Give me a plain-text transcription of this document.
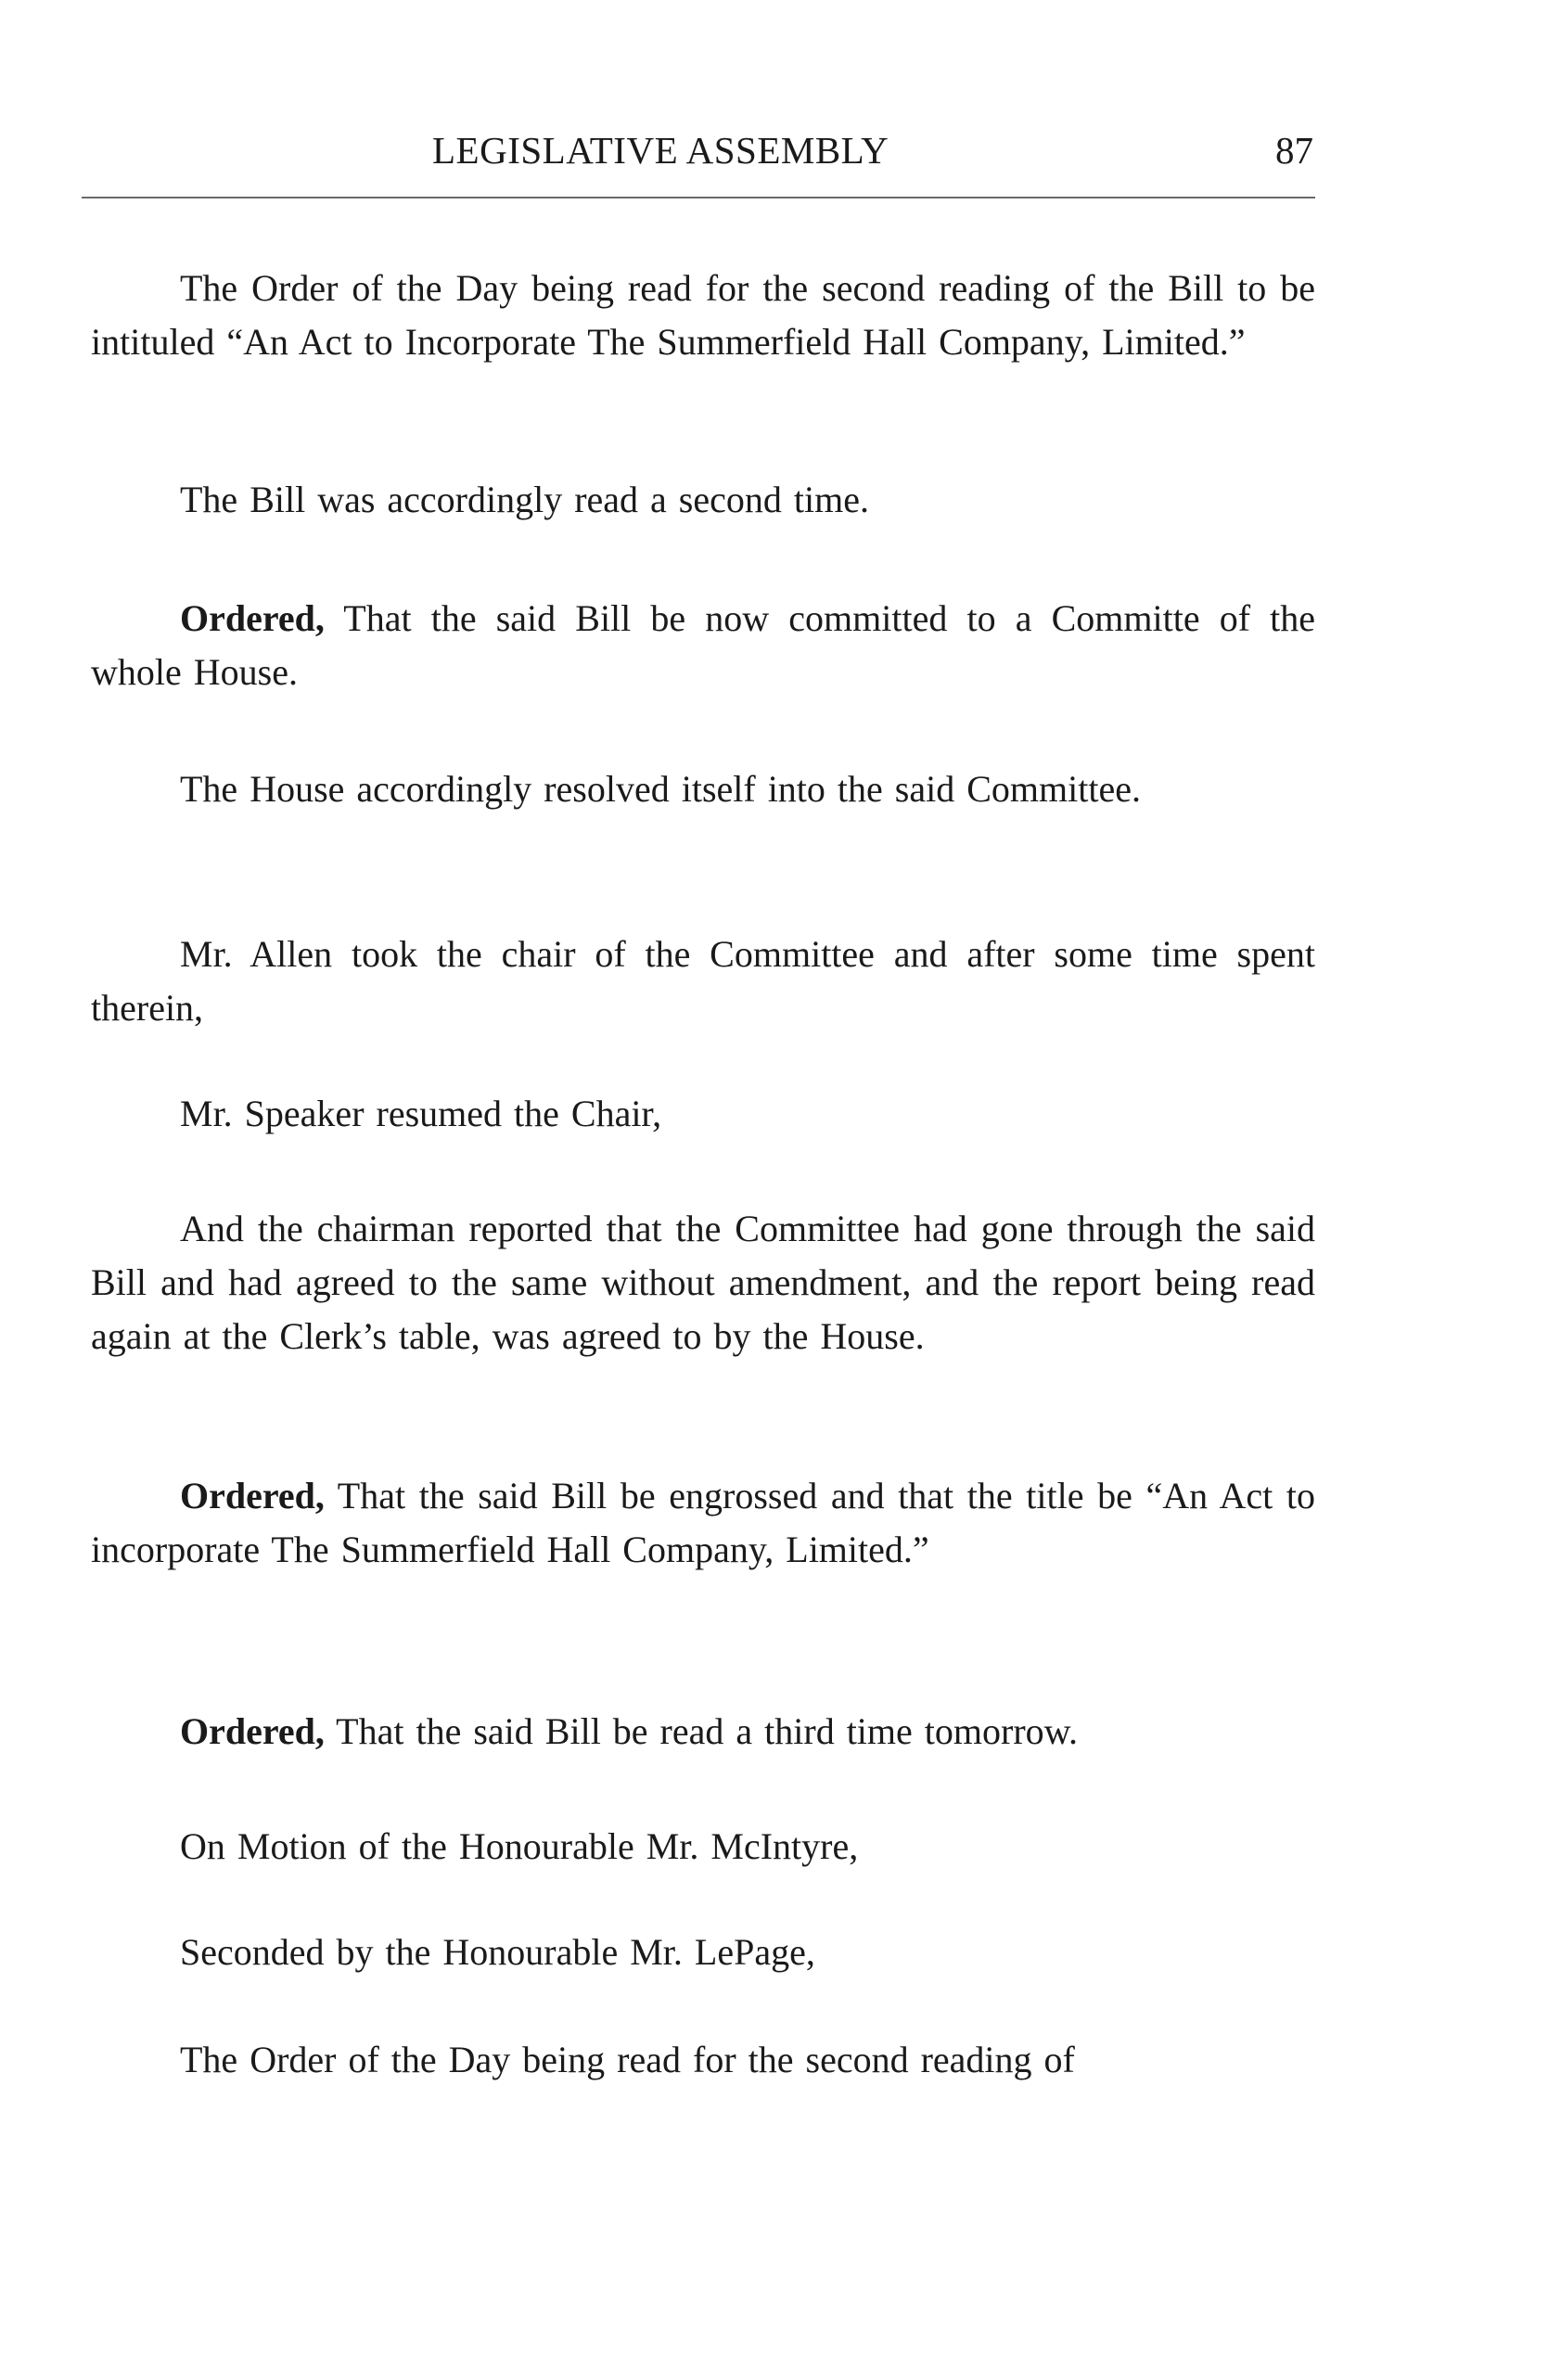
LEGISLATIVE ASSEMBLY	87

The Order of the Day being read for the second reading of the Bill to be intituled “An Act to Incorporate The Summerfield Hall Company, Limited.”

The Bill was accordingly read a second time.

Ordered, That the said Bill be now committed to a Committe of the whole House.

The House accordingly resolved itself into the said Committee.

Mr. Allen took the chair of the Committee and after some time spent therein,

Mr. Speaker resumed the Chair,

And the chairman reported that the Committee had gone through the said Bill and had agreed to the same without amendment, and the report being read again at the Clerk’s table, was agreed to by the House.

Ordered, That the said Bill be engrossed and that the title be “An Act to incorporate The Summerfield Hall Company, Limited.”

Ordered, That the said Bill be read a third time tomorrow.

On Motion of the Honourable Mr. McIntyre,

Seconded by the Honourable Mr. LePage,

The Order of the Day being read for the second reading of
